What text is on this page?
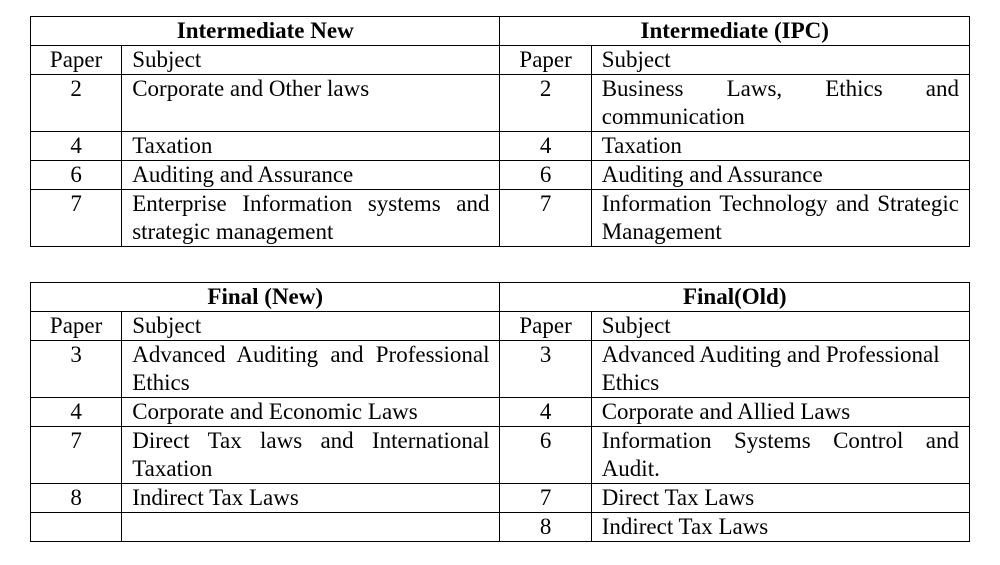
Intermediate New		Intermediate (IPC)	
Paper	Subject	Paper	Subject
2	Corporate and Other laws	2	Business Laws, Ethics and communication
4	Taxation	4	Taxation
6	Auditing and Assurance	6	Auditing and Assurance
7	Enterprise Information systems and strategic management	7	Information Technology and Strategic Management
Final (New)		Final(Old)	
Paper	Subject	Paper	Subject
3	Advanced Auditing and Professional Ethics	3	Advanced Auditing and Professional Ethics
4	Corporate and Economic Laws	4	Corporate and Allied Laws
7	Direct Tax laws and International Taxation	6	Information Systems Control and Audit.
8	Indirect Tax Laws	7	Direct Tax Laws
		8	Indirect Tax Laws
